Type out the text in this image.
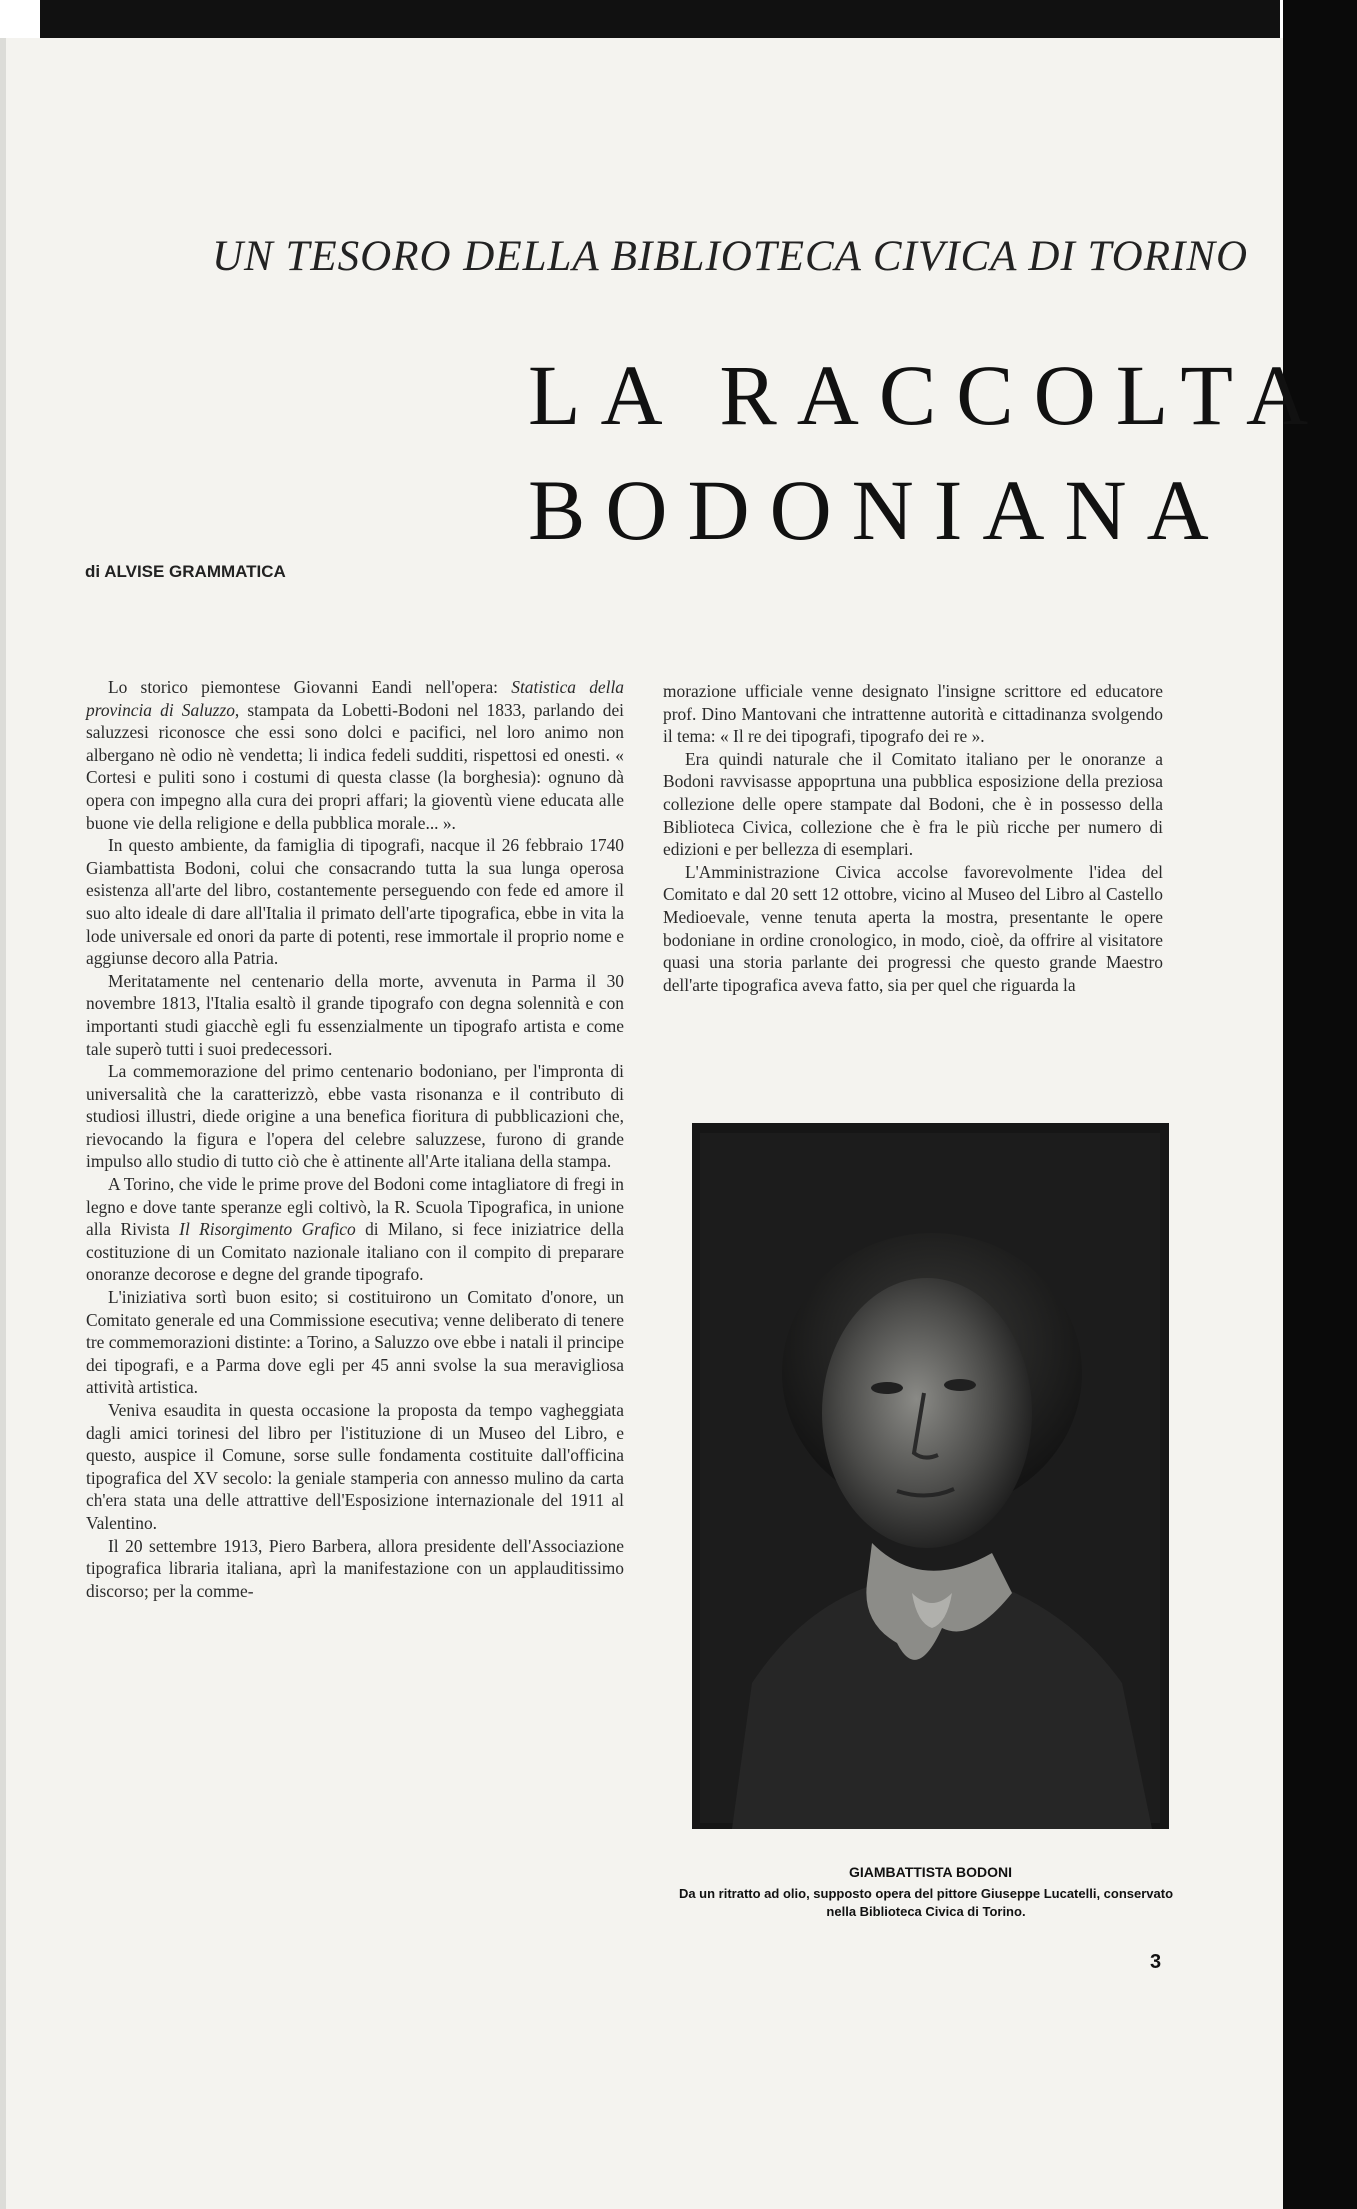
UN TESORO DELLA BIBLIOTECA CIVICA DI TORINO
LA RACCOLTA
BODONIANA
di ALVISE GRAMMATICA

Lo storico piemontese Giovanni Eandi nell'opera: Statistica della provincia di Saluzzo, stampata da Lobetti-Bodoni nel 1833, parlando dei saluzzesi riconosce che essi sono dolci e pacifici, nel loro animo non albergano nè odio nè vendetta; li indica fedeli sudditi, rispettosi ed onesti. « Cortesi e puliti sono i costumi di questa classe (la borghesia): ognuno dà opera con impegno alla cura dei propri affari; la gioventù viene educata alle buone vie della religione e della pubblica morale... ».

In questo ambiente, da famiglia di tipografi, nacque il 26 febbraio 1740 Giambattista Bodoni, colui che consacrando tutta la sua lunga operosa esistenza all'arte del libro, costantemente perseguendo con fede ed amore il suo alto ideale di dare all'Italia il primato dell'arte tipografica, ebbe in vita la lode universale ed onori da parte di potenti, rese immortale il proprio nome e aggiunse decoro alla Patria.

Meritatamente nel centenario della morte, avvenuta in Parma il 30 novembre 1813, l'Italia esaltò il grande tipografo con degna solennità e con importanti studi giacchè egli fu essenzialmente un tipografo artista e come tale superò tutti i suoi predecessori.

La commemorazione del primo centenario bodoniano, per l'impronta di universalità che la caratterizzò, ebbe vasta risonanza e il contributo di studiosi illustri, diede origine a una benefica fioritura di pubblicazioni che, rievocando la figura e l'opera del celebre saluzzese, furono di grande impulso allo studio di tutto ciò che è attinente all'Arte italiana della stampa.

A Torino, che vide le prime prove del Bodoni come intagliatore di fregi in legno e dove tante speranze egli coltivò, la R. Scuola Tipografica, in unione alla Rivista Il Risorgimento Grafico di Milano, si fece iniziatrice della costituzione di un Comitato nazionale italiano con il compito di preparare onoranze decorose e degne del grande tipografo.

L'iniziativa sortì buon esito; si costituirono un Comitato d'onore, un Comitato generale ed una Commissione esecutiva; venne deliberato di tenere tre commemorazioni distinte: a Torino, a Saluzzo ove ebbe i natali il principe dei tipografi, e a Parma dove egli per 45 anni svolse la sua meravigliosa attività artistica.

Veniva esaudita in questa occasione la proposta da tempo vagheggiata dagli amici torinesi del libro per l'istituzione di un Museo del Libro, e questo, auspice il Comune, sorse sulle fondamenta costituite dall'officina tipografica del XV secolo: la geniale stamperia con annesso mulino da carta ch'era stata una delle attrattive dell'Esposizione internazionale del 1911 al Valentino.

Il 20 settembre 1913, Piero Barbera, allora presidente dell'Associazione tipografica libraria italiana, aprì la manifestazione con un applauditissimo discorso; per la comme-

morazione ufficiale venne designato l'insigne scrittore ed educatore prof. Dino Mantovani che intrattenne autorità e cittadinanza svolgendo il tema: « Il re dei tipografi, tipografo dei re ».

Era quindi naturale che il Comitato italiano per le onoranze a Bodoni ravvisasse appoprtuna una pubblica esposizione della preziosa collezione delle opere stampate dal Bodoni, che è in possesso della Biblioteca Civica, collezione che è fra le più ricche per numero di edizioni e per bellezza di esemplari.

L'Amministrazione Civica accolse favorevolmente l'idea del Comitato e dal 20 sett 12 ottobre, vicino al Museo del Libro al Castello Medioevale, venne tenuta aperta la mostra, presentante le opere bodoniane in ordine cronologico, in modo, cioè, da offrire al visitatore quasi una storia parlante dei progressi che questo grande Maestro dell'arte tipografica aveva fatto, sia per quel che riguarda la

GIAMBATTISTA BODONI
Da un ritratto ad olio, supposto opera del pittore Giuseppe Lucatelli, conservato nella Biblioteca Civica di Torino.
3
